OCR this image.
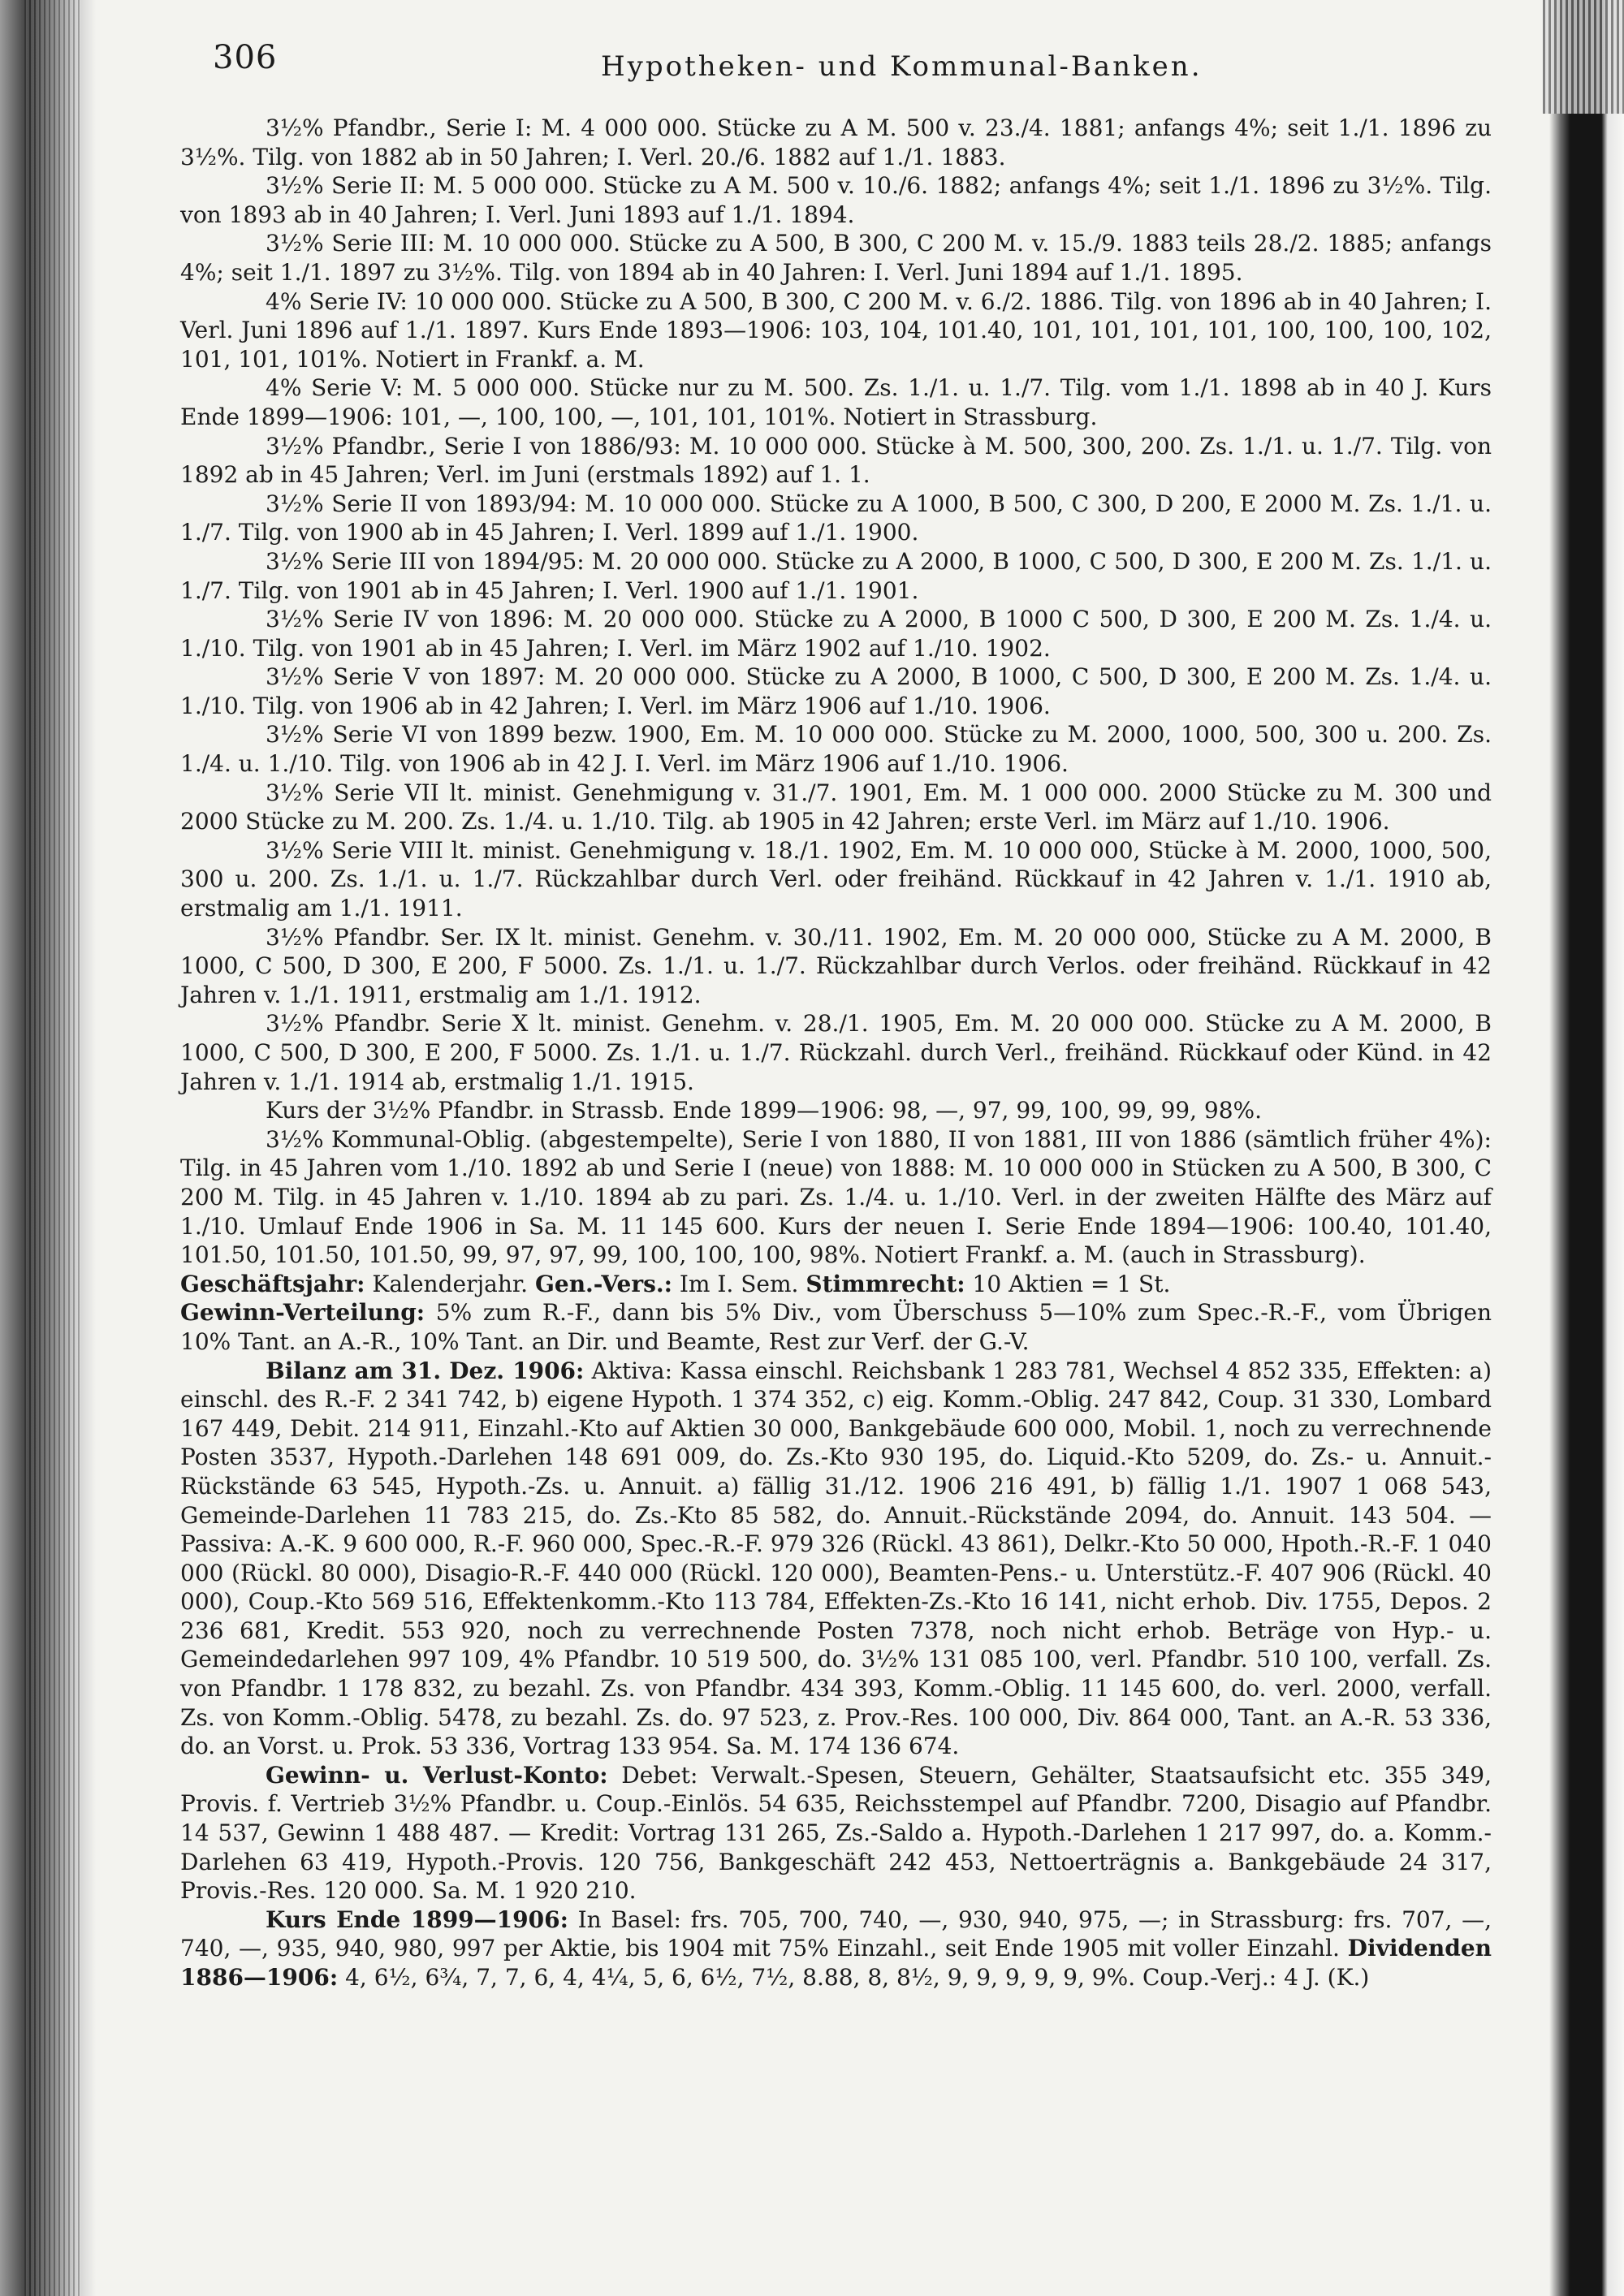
306	Hypotheken- und Kommunal-Banken.

3½% Pfandbr., Serie I: M. 4 000 000. Stücke zu A M. 500 v. 23./4. 1881; anfangs 4%; seit 1./1. 1896 zu 3½%. Tilg. von 1882 ab in 50 Jahren; I. Verl. 20./6. 1882 auf 1./1. 1883.

3½% Serie II: M. 5 000 000. Stücke zu A M. 500 v. 10./6. 1882; anfangs 4%; seit 1./1. 1896 zu 3½%. Tilg. von 1893 ab in 40 Jahren; I. Verl. Juni 1893 auf 1./1. 1894.

3½% Serie III: M. 10 000 000. Stücke zu A 500, B 300, C 200 M. v. 15./9. 1883 teils 28./2. 1885; anfangs 4%; seit 1./1. 1897 zu 3½%. Tilg. von 1894 ab in 40 Jahren: I. Verl. Juni 1894 auf 1./1. 1895.

4% Serie IV: 10 000 000. Stücke zu A 500, B 300, C 200 M. v. 6./2. 1886. Tilg. von 1896 ab in 40 Jahren; I. Verl. Juni 1896 auf 1./1. 1897. Kurs Ende 1893—1906: 103, 104, 101.40, 101, 101, 101, 101, 100, 100, 100, 102, 101, 101, 101%. Notiert in Frankf. a. M.

4% Serie V: M. 5 000 000. Stücke nur zu M. 500. Zs. 1./1. u. 1./7. Tilg. vom 1./1. 1898 ab in 40 J. Kurs Ende 1899—1906: 101, —, 100, 100, —, 101, 101, 101%. Notiert in Strassburg.

3½% Pfandbr., Serie I von 1886/93: M. 10 000 000. Stücke à M. 500, 300, 200. Zs. 1./1. u. 1./7. Tilg. von 1892 ab in 45 Jahren; Verl. im Juni (erstmals 1892) auf 1. 1.

3½% Serie II von 1893/94: M. 10 000 000. Stücke zu A 1000, B 500, C 300, D 200, E 2000 M. Zs. 1./1. u. 1./7. Tilg. von 1900 ab in 45 Jahren; I. Verl. 1899 auf 1./1. 1900.

3½% Serie III von 1894/95: M. 20 000 000. Stücke zu A 2000, B 1000, C 500, D 300, E 200 M. Zs. 1./1. u. 1./7. Tilg. von 1901 ab in 45 Jahren; I. Verl. 1900 auf 1./1. 1901.

3½% Serie IV von 1896: M. 20 000 000. Stücke zu A 2000, B 1000 C 500, D 300, E 200 M. Zs. 1./4. u. 1./10. Tilg. von 1901 ab in 45 Jahren; I. Verl. im März 1902 auf 1./10. 1902.

3½% Serie V von 1897: M. 20 000 000. Stücke zu A 2000, B 1000, C 500, D 300, E 200 M. Zs. 1./4. u. 1./10. Tilg. von 1906 ab in 42 Jahren; I. Verl. im März 1906 auf 1./10. 1906.

3½% Serie VI von 1899 bezw. 1900, Em. M. 10 000 000. Stücke zu M. 2000, 1000, 500, 300 u. 200. Zs. 1./4. u. 1./10. Tilg. von 1906 ab in 42 J. I. Verl. im März 1906 auf 1./10. 1906.

3½% Serie VII lt. minist. Genehmigung v. 31./7. 1901, Em. M. 1 000 000. 2000 Stücke zu M. 300 und 2000 Stücke zu M. 200. Zs. 1./4. u. 1./10. Tilg. ab 1905 in 42 Jahren; erste Verl. im März auf 1./10. 1906.

3½% Serie VIII lt. minist. Genehmigung v. 18./1. 1902, Em. M. 10 000 000, Stücke à M. 2000, 1000, 500, 300 u. 200. Zs. 1./1. u. 1./7. Rückzahlbar durch Verl. oder freihänd. Rückkauf in 42 Jahren v. 1./1. 1910 ab, erstmalig am 1./1. 1911.

3½% Pfandbr. Ser. IX lt. minist. Genehm. v. 30./11. 1902, Em. M. 20 000 000, Stücke zu A M. 2000, B 1000, C 500, D 300, E 200, F 5000. Zs. 1./1. u. 1./7. Rückzahlbar durch Verlos. oder freihänd. Rückkauf in 42 Jahren v. 1./1. 1911, erstmalig am 1./1. 1912.

3½% Pfandbr. Serie X lt. minist. Genehm. v. 28./1. 1905, Em. M. 20 000 000. Stücke zu A M. 2000, B 1000, C 500, D 300, E 200, F 5000. Zs. 1./1. u. 1./7. Rückzahl. durch Verl., freihänd. Rückkauf oder Künd. in 42 Jahren v. 1./1. 1914 ab, erstmalig 1./1. 1915.

Kurs der 3½% Pfandbr. in Strassb. Ende 1899—1906: 98, —, 97, 99, 100, 99, 99, 98%.

3½% Kommunal-Oblig. (abgestempelte), Serie I von 1880, II von 1881, III von 1886 (sämtlich früher 4%): Tilg. in 45 Jahren vom 1./10. 1892 ab und Serie I (neue) von 1888: M. 10 000 000 in Stücken zu A 500, B 300, C 200 M. Tilg. in 45 Jahren v. 1./10. 1894 ab zu pari. Zs. 1./4. u. 1./10. Verl. in der zweiten Hälfte des März auf 1./10. Umlauf Ende 1906 in Sa. M. 11 145 600. Kurs der neuen I. Serie Ende 1894—1906: 100.40, 101.40, 101.50, 101.50, 101.50, 99, 97, 97, 99, 100, 100, 100, 98%. Notiert Frankf. a. M. (auch in Strassburg).

Geschäftsjahr: Kalenderjahr. Gen.-Vers.: Im I. Sem. Stimmrecht: 10 Aktien = 1 St.

Gewinn-Verteilung: 5% zum R.-F., dann bis 5% Div., vom Überschuss 5—10% zum Spec.-R.-F., vom Übrigen 10% Tant. an A.-R., 10% Tant. an Dir. und Beamte, Rest zur Verf. der G.-V.

Bilanz am 31. Dez. 1906: Aktiva: Kassa einschl. Reichsbank 1 283 781, Wechsel 4 852 335, Effekten: a) einschl. des R.-F. 2 341 742, b) eigene Hypoth. 1 374 352, c) eig. Komm.-Oblig. 247 842, Coup. 31 330, Lombard 167 449, Debit. 214 911, Einzahl.-Kto auf Aktien 30 000, Bankgebäude 600 000, Mobil. 1, noch zu verrechnende Posten 3537, Hypoth.-Darlehen 148 691 009, do. Zs.-Kto 930 195, do. Liquid.-Kto 5209, do. Zs.- u. Annuit.-Rückstände 63 545, Hypoth.-Zs. u. Annuit. a) fällig 31./12. 1906 216 491, b) fällig 1./1. 1907 1 068 543, Gemeinde-Darlehen 11 783 215, do. Zs.-Kto 85 582, do. Annuit.-Rückstände 2094, do. Annuit. 143 504. — Passiva: A.-K. 9 600 000, R.-F. 960 000, Spec.-R.-F. 979 326 (Rückl. 43 861), Delkr.-Kto 50 000, Hpoth.-R.-F. 1 040 000 (Rückl. 80 000), Disagio-R.-F. 440 000 (Rückl. 120 000), Beamten-Pens.- u. Unterstütz.-F. 407 906 (Rückl. 40 000), Coup.-Kto 569 516, Effektenkomm.-Kto 113 784, Effekten-Zs.-Kto 16 141, nicht erhob. Div. 1755, Depos. 2 236 681, Kredit. 553 920, noch zu verrechnende Posten 7378, noch nicht erhob. Beträge von Hyp.- u. Gemeindedarlehen 997 109, 4% Pfandbr. 10 519 500, do. 3½% 131 085 100, verl. Pfandbr. 510 100, verfall. Zs. von Pfandbr. 1 178 832, zu bezahl. Zs. von Pfandbr. 434 393, Komm.-Oblig. 11 145 600, do. verl. 2000, verfall. Zs. von Komm.-Oblig. 5478, zu bezahl. Zs. do. 97 523, z. Prov.-Res. 100 000, Div. 864 000, Tant. an A.-R. 53 336, do. an Vorst. u. Prok. 53 336, Vortrag 133 954. Sa. M. 174 136 674.

Gewinn- u. Verlust-Konto: Debet: Verwalt.-Spesen, Steuern, Gehälter, Staatsaufsicht etc. 355 349, Provis. f. Vertrieb 3½% Pfandbr. u. Coup.-Einlös. 54 635, Reichsstempel auf Pfandbr. 7200, Disagio auf Pfandbr. 14 537, Gewinn 1 488 487. — Kredit: Vortrag 131 265, Zs.-Saldo a. Hypoth.-Darlehen 1 217 997, do. a. Komm.-Darlehen 63 419, Hypoth.-Provis. 120 756, Bankgeschäft 242 453, Nettoerträgnis a. Bankgebäude 24 317, Provis.-Res. 120 000. Sa. M. 1 920 210.

Kurs Ende 1899—1906: In Basel: frs. 705, 700, 740, —, 930, 940, 975, —; in Strassburg: frs. 707, —, 740, —, 935, 940, 980, 997 per Aktie, bis 1904 mit 75% Einzahl., seit Ende 1905 mit voller Einzahl. Dividenden 1886—1906: 4, 6½, 6¾, 7, 7, 6, 4, 4¼, 5, 6, 6½, 7½, 8.88, 8, 8½, 9, 9, 9, 9, 9, 9%. Coup.-Verj.: 4 J. (K.)
